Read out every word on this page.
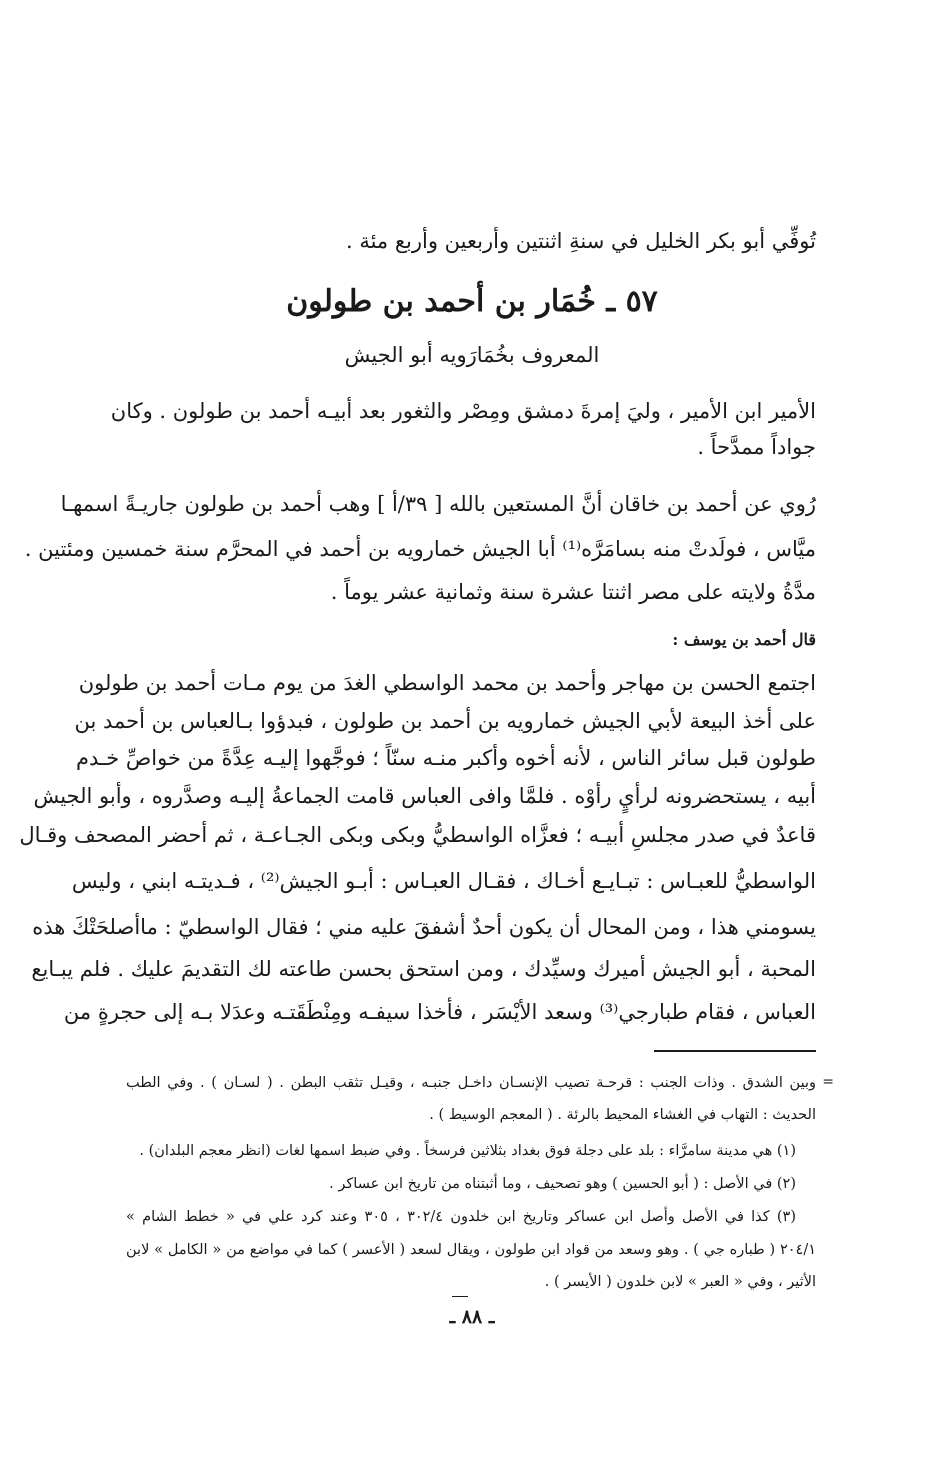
تُوفِّي أبو بكر الخليل في سنةِ اثنتين وأربعين وأربع مئة .
٥٧ ـ خُمَار بن أحمد بن طولون
المعروف بخُمَارَويه أبو الجيش
الأمير ابن الأمير ، وليَ إمرةَ دمشق ومِصْر والثغور بعد أبيـه أحمد بن طولون . وكان
جواداً ممدَّحاً .
رُوي عن أحمد بن خاقان أنَّ المستعين بالله [ ٣٩/أ ] وهب أحمد بن طولون جاريـةً اسمهـا
ميَّاس ، فولَدتْ منه بسامَرَّه⁽¹⁾ أبا الجيش خمارويه بن أحمد في المحرَّم سنة خمسين ومئتين .
مدَّةُ ولايته على مصر اثنتا عشرة سنة وثمانية عشر يوماً .
قال أحمد بن يوسف :
اجتمع الحسن بن مهاجر وأحمد بن محمد الواسطي الغدَ من يوم مـات أحمد بن طولون
على أخذ البيعة لأبي الجيش خمارويه بن أحمد بن طولون ، فبدؤوا بـالعباس بن أحمد بن
طولون قبل سائر الناس ، لأنه أخوه وأكبر منـه سنّاً ؛ فوجَّهوا إليـه عِدَّةً من خواصِّ خـدم
أبيه ، يستحضرونه لرأيٍ رأوْه . فلمَّا وافى العباس قامت الجماعةُ إليـه وصدَّروه ، وأبو الجيش
قاعدٌ في صدر مجلسِ أبيـه ؛ فعزَّاه الواسطيُّ وبكى وبكى الجـاعـة ، ثم أحضر المصحف وقـال
الواسطيُّ للعبـاس : تبـايـع أخـاك ، فقـال العبـاس : أبـو الجيش⁽²⁾ ، فـديتـه ابني ، وليس
يسومني هذا ، ومن المحال أن يكون أحدٌ أشفقَ عليه مني ؛ فقال الواسطيّ : ماأصلحَتْكَ هذه
المحبة ، أبو الجيش أميرك وسيِّدك ، ومن استحق بحسن طاعته لك التقديمَ عليك . فلم يبـايع
العباس ، فقام طبارجي⁽³⁾ وسعد الأيْسَر ، فأخذا سيفـه ومِنْطَقَتـه وعدَلا بـه إلى حجرةٍ من
=
وبين الشدق . وذات الجنب : قرحـة تصيب الإنسـان داخـل جنبـه ، وقيـل تثقب البطن . ( لسـان ) . وفي الطب
الحديث : التهاب في الغشاء المحيط بالرئة . ( المعجم الوسيط ) .
(١) هي مدينة سامرَّاء : بلد على دجلة فوق بغداد بثلاثين فرسخاً . وفي ضبط اسمها لغات (انظر معجم البلدان) .
(٢) في الأصل : ( أبو الحسين ) وهو تصحيف ، وما أثبتناه من تاريخ ابن عساكر .
(٣) كذا في الأصل وأصل ابن عساكر وتاريخ ابن خلدون ٣٠٢/٤ ، ٣٠٥ وعند كرد علي في « خطط الشام »
٢٠٤/١ ( طباره جي ) . وهو وسعد من قواد ابن طولون ، ويقال لسعد ( الأعسر ) كما في مواضع من « الكامل » لابن
الأثير ، وفي « العبر » لابن خلدون ( الأيسر ) .
ـ ٨٨ ـ
